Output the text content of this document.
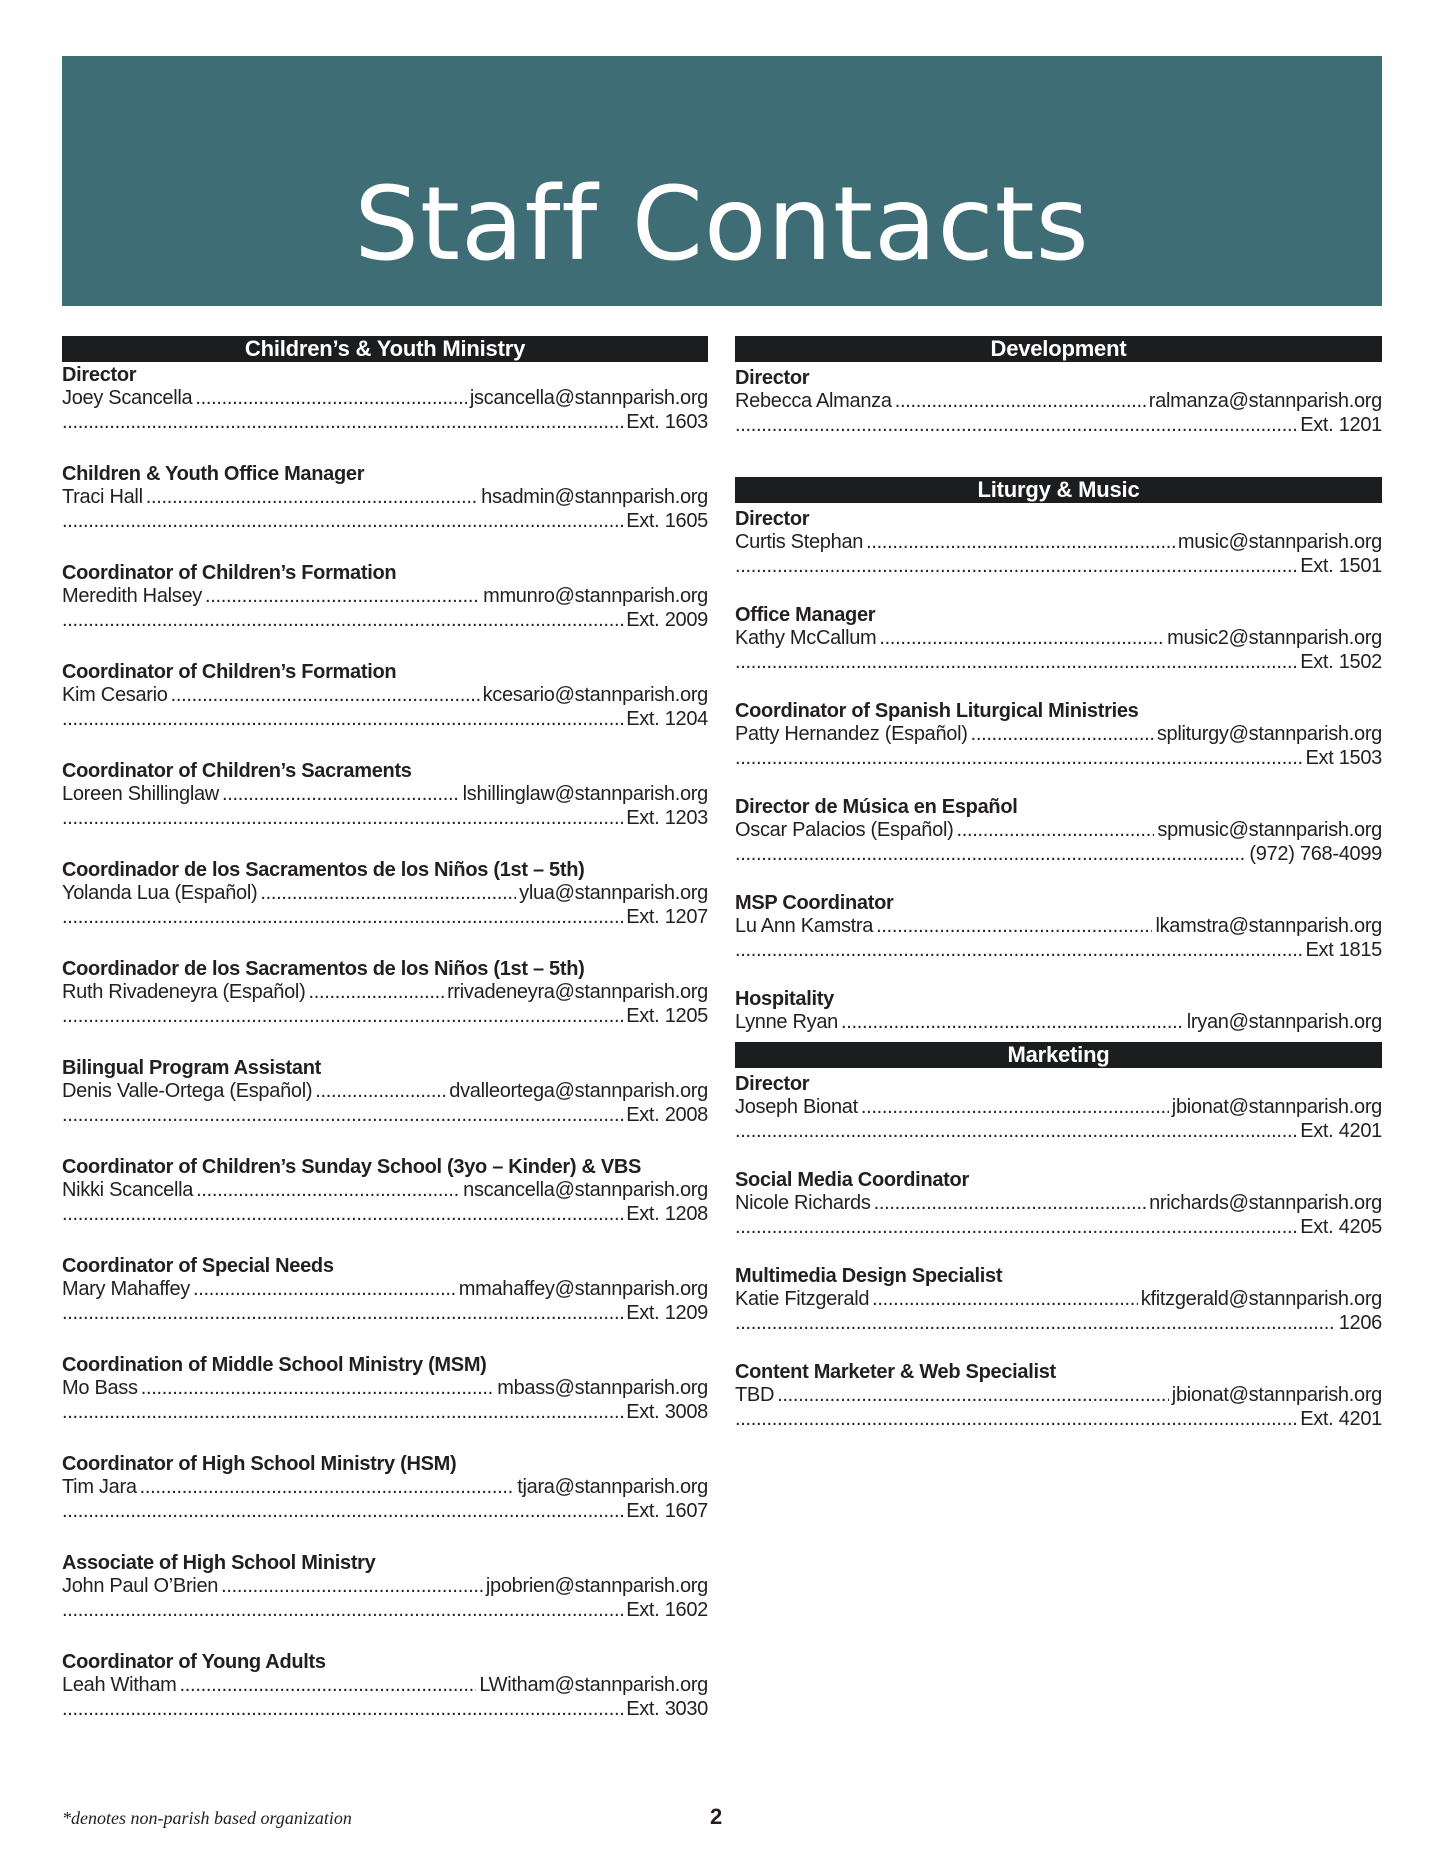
Staff Contacts
Children’s & Youth Ministry
Director
Joey Scancella .....	jscancella@stannparish.org
.....
Ext. 1603
Children & Youth Office Manager
Traci Hall .....	hsadmin@stannparish.org
.....
Ext. 1605
Coordinator of Children’s Formation
Meredith Halsey .....	mmunro@stannparish.org
.....
Ext. 2009
Coordinator of Children’s Formation
Kim Cesario .....	kcesario@stannparish.org
.....
Ext. 1204
Coordinator of Children’s Sacraments
Loreen Shillinglaw .....	lshillinglaw@stannparish.org
.....
Ext. 1203
Coordinador de los Sacramentos de los Niños (1st – 5th)
Yolanda Lua (Español) .....	ylua@stannparish.org
.....
Ext. 1207
Coordinador de los Sacramentos de los Niños (1st – 5th)
Ruth Rivadeneyra (Español) .....	rrivadeneyra@stannparish.org
.....
Ext. 1205
Bilingual Program Assistant
Denis Valle-Ortega (Español) .....	dvalleortega@stannparish.org
.....
Ext. 2008
Coordinator of Children’s Sunday School (3yo – Kinder) & VBS
Nikki Scancella .....	nscancella@stannparish.org
.....
Ext. 1208
Coordinator of Special Needs
Mary Mahaffey .....	mmahaffey@stannparish.org
.....
Ext. 1209
Coordination of Middle School Ministry (MSM)
Mo Bass .....	mbass@stannparish.org
.....
Ext. 3008
Coordinator of High School Ministry (HSM)
Tim Jara .....	tjara@stannparish.org
.....
Ext. 1607
Associate of High School Ministry
John Paul O’Brien .....	jpobrien@stannparish.org
.....
Ext. 1602
Coordinator of Young Adults
Leah Witham .....	LWitham@stannparish.org
.....
Ext. 3030
Development
Director
Rebecca Almanza .....	ralmanza@stannparish.org
.....
Ext. 1201
Liturgy & Music
Director
Curtis Stephan .....	music@stannparish.org
.....
Ext. 1501
Office Manager
Kathy McCallum .....	music2@stannparish.org
.....
Ext. 1502
Coordinator of Spanish Liturgical Ministries
Patty Hernandez (Español) .....	spliturgy@stannparish.org
.....
Ext 1503
Director de Música en Español
Oscar Palacios (Español) .....	spmusic@stannparish.org
.....
(972) 768-4099
MSP Coordinator
Lu Ann Kamstra .....	lkamstra@stannparish.org
.....
Ext 1815
Hospitality
Lynne Ryan .....	lryan@stannparish.org
Marketing
Director
Joseph Bionat .....	jbionat@stannparish.org
.....
Ext. 4201
Social Media Coordinator
Nicole Richards .....	nrichards@stannparish.org
.....
Ext. 4205
Multimedia Design Specialist
Katie Fitzgerald .....	kfitzgerald@stannparish.org
.....
1206
Content Marketer & Web Specialist
TBD .....	jbionat@stannparish.org
.....
Ext. 4201
*denotes non-parish based organization	2
